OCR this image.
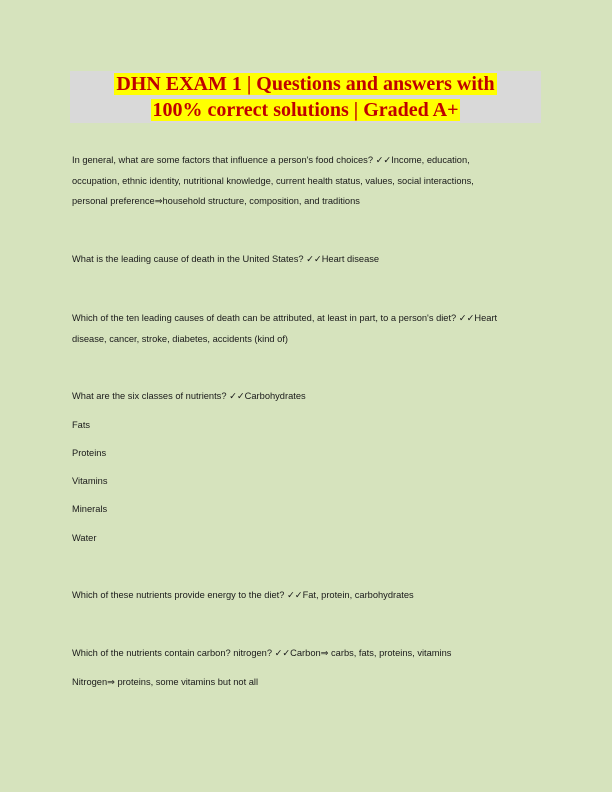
DHN EXAM 1 | Questions and answers with
100% correct solutions | Graded A+
In general, what are some factors that influence a person's food choices? ✓✓Income, education,
occupation, ethnic identity, nutritional knowledge, current health status, values, social interactions,
personal preference⇒household structure, composition, and traditions
What is the leading cause of death in the United States? ✓✓Heart disease
Which of the ten leading causes of death can be attributed, at least in part, to a person's diet? ✓✓Heart
disease, cancer, stroke, diabetes, accidents (kind of)
What are the six classes of nutrients? ✓✓Carbohydrates
Fats
Proteins
Vitamins
Minerals
Water
Which of these nutrients provide energy to the diet? ✓✓Fat, protein, carbohydrates
Which of the nutrients contain carbon? nitrogen? ✓✓Carbon⇒ carbs, fats, proteins, vitamins
Nitrogen⇒ proteins, some vitamins but not all
